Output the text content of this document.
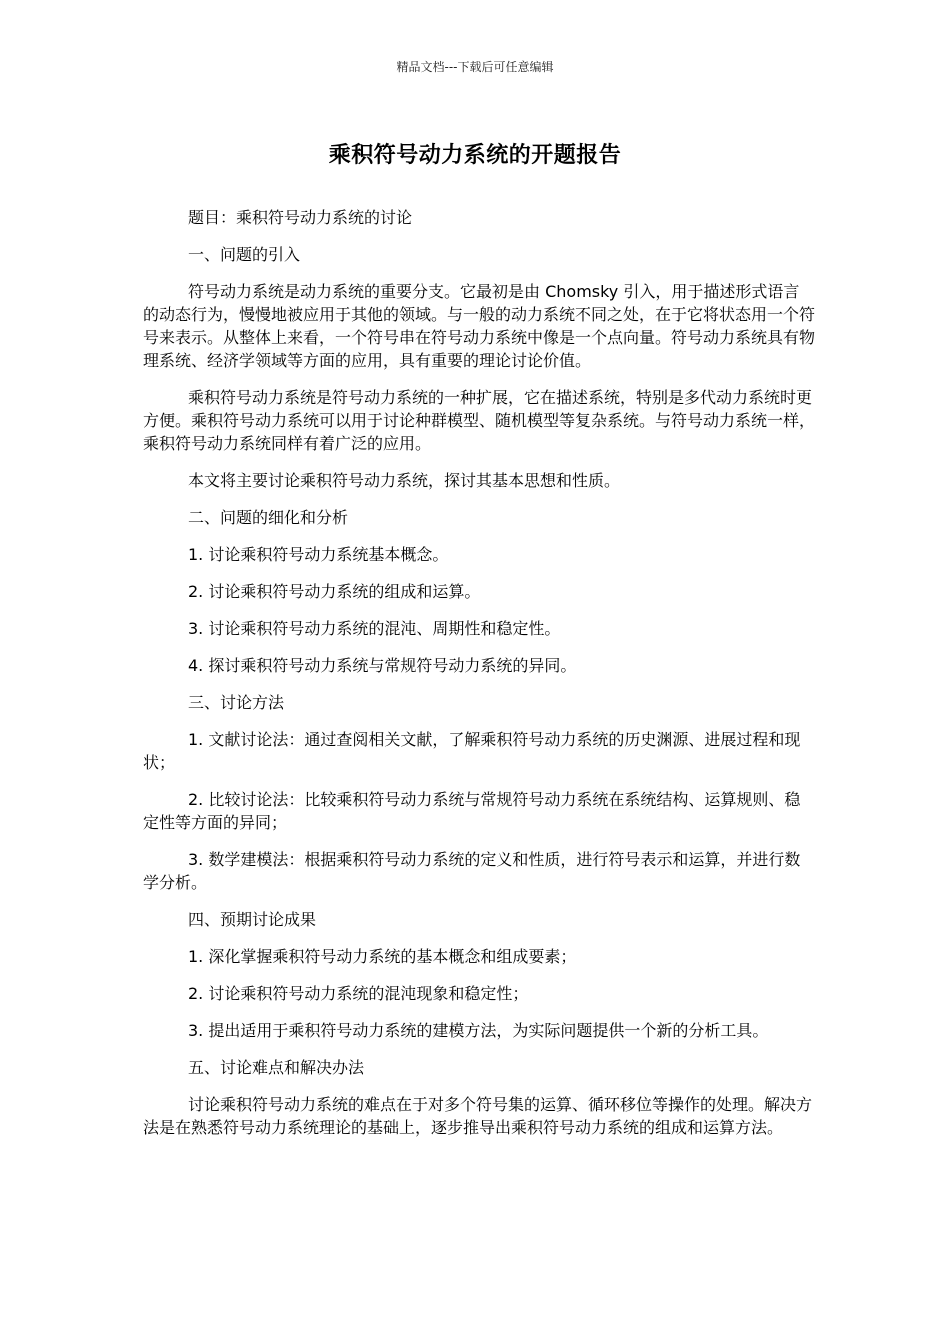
精品文档---下载后可任意编辑
乘积符号动力系统的开题报告

题目：乘积符号动力系统的讨论

一、问题的引入

符号动力系统是动力系统的重要分支。它最初是由 Chomsky 引入，用于描述形式语言的动态行为，慢慢地被应用于其他的领域。与一般的动力系统不同之处，在于它将状态用一个符号来表示。从整体上来看，一个符号串在符号动力系统中像是一个点向量。符号动力系统具有物理系统、经济学领域等方面的应用，具有重要的理论讨论价值。

乘积符号动力系统是符号动力系统的一种扩展，它在描述系统，特别是多代动力系统时更方便。乘积符号动力系统可以用于讨论种群模型、随机模型等复杂系统。与符号动力系统一样，乘积符号动力系统同样有着广泛的应用。

本文将主要讨论乘积符号动力系统，探讨其基本思想和性质。

二、问题的细化和分析

1. 讨论乘积符号动力系统基本概念。

2. 讨论乘积符号动力系统的组成和运算。

3. 讨论乘积符号动力系统的混沌、周期性和稳定性。

4. 探讨乘积符号动力系统与常规符号动力系统的异同。

三、讨论方法

1. 文献讨论法：通过查阅相关文献，了解乘积符号动力系统的历史渊源、进展过程和现状；

2. 比较讨论法：比较乘积符号动力系统与常规符号动力系统在系统结构、运算规则、稳定性等方面的异同；

3. 数学建模法：根据乘积符号动力系统的定义和性质，进行符号表示和运算，并进行数学分析。

四、预期讨论成果

1. 深化掌握乘积符号动力系统的基本概念和组成要素；

2. 讨论乘积符号动力系统的混沌现象和稳定性；

3. 提出适用于乘积符号动力系统的建模方法，为实际问题提供一个新的分析工具。

五、讨论难点和解决办法

讨论乘积符号动力系统的难点在于对多个符号集的运算、循环移位等操作的处理。解决方法是在熟悉符号动力系统理论的基础上，逐步推导出乘积符号动力系统的组成和运算方法。
